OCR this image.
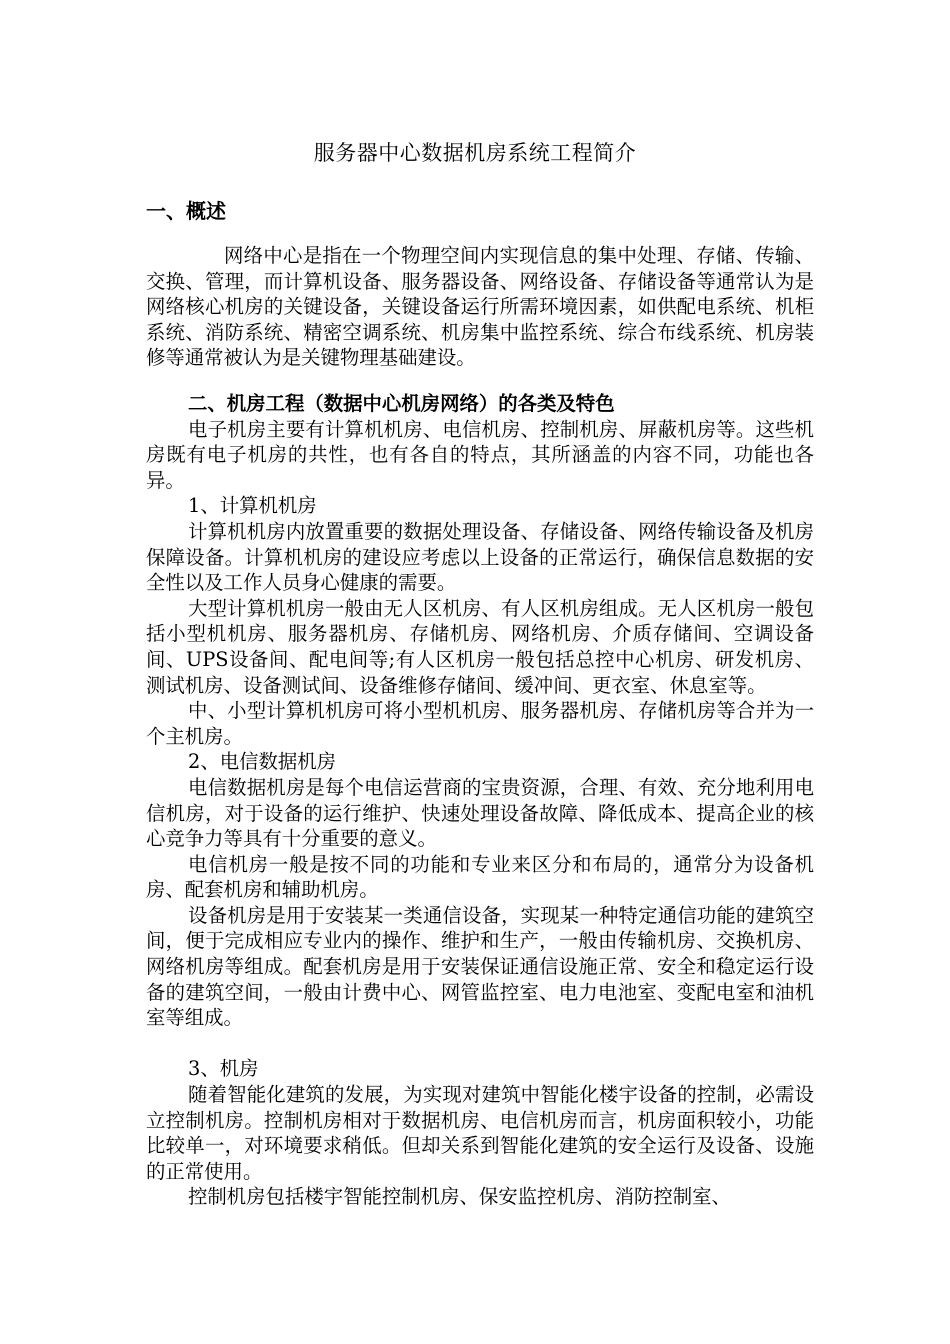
服务器中心数据机房系统工程简介
一、概述

网络中心是指在一个物理空间内实现信息的集中处理、存储、传输、交换、管理，而计算机设备、服务器设备、网络设备、存储设备等通常认为是网络核心机房的关键设备，关键设备运行所需环境因素，如供配电系统、机柜系统、消防系统、精密空调系统、机房集中监控系统、综合布线系统、机房装修等通常被认为是关键物理基础建设。

二、机房工程（数据中心机房网络）的各类及特色

电子机房主要有计算机机房、电信机房、控制机房、屏蔽机房等。这些机房既有电子机房的共性，也有各自的特点，其所涵盖的内容不同，功能也各异。

1、计算机机房

计算机机房内放置重要的数据处理设备、存储设备、网络传输设备及机房保障设备。计算机机房的建设应考虑以上设备的正常运行，确保信息数据的安全性以及工作人员身心健康的需要。

大型计算机机房一般由无人区机房、有人区机房组成。无人区机房一般包括小型机机房、服务器机房、存储机房、网络机房、介质存储间、空调设备间、UPS设备间、配电间等;有人区机房一般包括总控中心机房、研发机房、测试机房、设备测试间、设备维修存储间、缓冲间、更衣室、休息室等。

中、小型计算机机房可将小型机机房、服务器机房、存储机房等合并为一个主机房。

2、电信数据机房

电信数据机房是每个电信运营商的宝贵资源，合理、有效、充分地利用电信机房，对于设备的运行维护、快速处理设备故障、降低成本、提高企业的核心竞争力等具有十分重要的意义。

电信机房一般是按不同的功能和专业来区分和布局的，通常分为设备机房、配套机房和辅助机房。

设备机房是用于安装某一类通信设备，实现某一种特定通信功能的建筑空间，便于完成相应专业内的操作、维护和生产，一般由传输机房、交换机房、网络机房等组成。配套机房是用于安装保证通信设施正常、安全和稳定运行设备的建筑空间，一般由计费中心、网管监控室、电力电池室、变配电室和油机室等组成。

3、机房

随着智能化建筑的发展，为实现对建筑中智能化楼宇设备的控制，必需设立控制机房。控制机房相对于数据机房、电信机房而言，机房面积较小，功能比较单一，对环境要求稍低。但却关系到智能化建筑的安全运行及设备、设施的正常使用。

控制机房包括楼宇智能控制机房、保安监控机房、消防控制室、
